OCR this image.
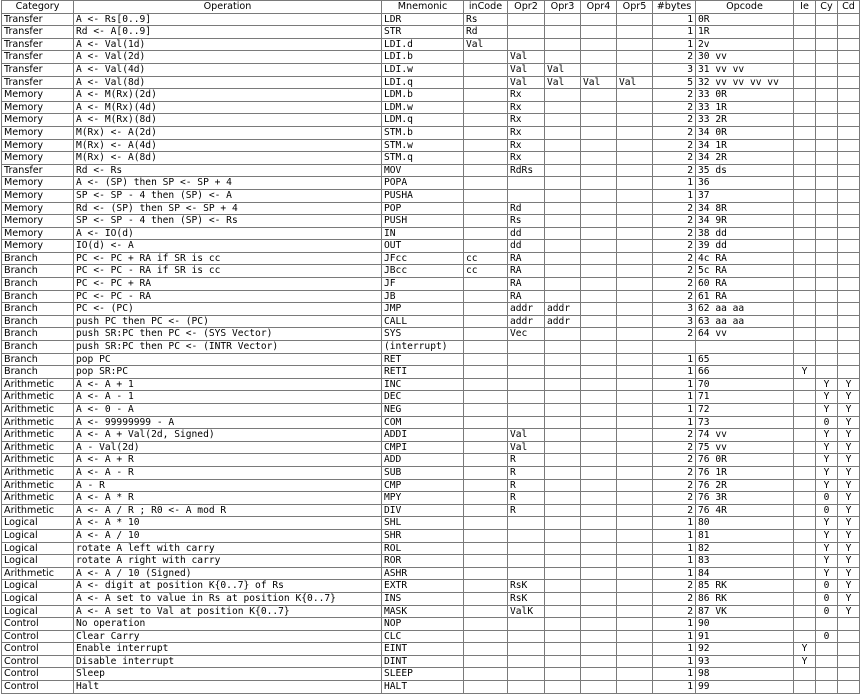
Category	Operation	Mnemonic	inCode	Opr2	Opr3	Opr4	Opr5	#bytes	Opcode	Ie	Cy	Cd
Transfer	A <- Rs[0..9]	LDR	Rs					1	0R			
Transfer	Rd <- A[0..9]	STR	Rd					1	1R			
Transfer	A <- Val(1d)	LDI.d	Val					1	2v			
Transfer	A <- Val(2d)	LDI.b		Val				2	30 vv			
Transfer	A <- Val(4d)	LDI.w		Val	Val			3	31 vv vv			
Transfer	A <- Val(8d)	LDI.q		Val	Val	Val	Val	5	32 vv vv vv vv			
Memory	A <- M(Rx)(2d)	LDM.b		Rx				2	33 0R			
Memory	A <- M(Rx)(4d)	LDM.w		Rx				2	33 1R			
Memory	A <- M(Rx)(8d)	LDM.q		Rx				2	33 2R			
Memory	M(Rx) <- A(2d)	STM.b		Rx				2	34 0R			
Memory	M(Rx) <- A(4d)	STM.w		Rx				2	34 1R			
Memory	M(Rx) <- A(8d)	STM.q		Rx				2	34 2R			
Transfer	Rd <- Rs	MOV		RdRs				2	35 ds			
Memory	A <- (SP) then SP <- SP + 4	POPA						1	36			
Memory	SP <- SP - 4 then (SP) <- A	PUSHA						1	37			
Memory	Rd <- (SP) then SP <- SP + 4	POP		Rd				2	34 8R			
Memory	SP <- SP - 4 then (SP) <- Rs	PUSH		Rs				2	34 9R			
Memory	A <- IO(d)	IN		dd				2	38 dd			
Memory	IO(d) <- A	OUT		dd				2	39 dd			
Branch	PC <- PC + RA if SR is cc	JFcc	cc	RA				2	4c RA			
Branch	PC <- PC - RA if SR is cc	JBcc	cc	RA				2	5c RA			
Branch	PC <- PC + RA	JF		RA				2	60 RA			
Branch	PC <- PC - RA	JB		RA				2	61 RA			
Branch	PC <- (PC)	JMP		addr	addr			3	62 aa aa			
Branch	push PC then PC <- (PC)	CALL		addr	addr			3	63 aa aa			
Branch	push SR:PC then PC <- (SYS Vector)	SYS		Vec				2	64 vv			
Branch	push SR:PC then PC <- (INTR Vector)	(interrupt)										
Branch	pop PC	RET						1	65			
Branch	pop SR:PC	RETI						1	66	Y		
Arithmetic	A <- A + 1	INC						1	70		Y	Y
Arithmetic	A <- A - 1	DEC						1	71		Y	Y
Arithmetic	A <- 0 - A	NEG						1	72		Y	Y
Arithmetic	A <- 99999999 - A	COM						1	73		0	Y
Arithmetic	A <- A + Val(2d, Signed)	ADDI		Val				2	74 vv		Y	Y
Arithmetic	A - Val(2d)	CMPI		Val				2	75 vv		Y	Y
Arithmetic	A <- A + R	ADD		R				2	76 0R		Y	Y
Arithmetic	A <- A - R	SUB		R				2	76 1R		Y	Y
Arithmetic	A - R	CMP		R				2	76 2R		Y	Y
Arithmetic	A <- A * R	MPY		R				2	76 3R		0	Y
Arithmetic	A <- A / R ; R0 <- A mod R	DIV		R				2	76 4R		0	Y
Logical	A <- A * 10	SHL						1	80		Y	Y
Logical	A <- A / 10	SHR						1	81		Y	Y
Logical	rotate A left with carry	ROL						1	82		Y	Y
Logical	rotate A right with carry	ROR						1	83		Y	Y
Arithmetic	A <- A / 10 (Signed)	ASHR						1	84		Y	Y
Logical	A <- digit at position K{0..7} of Rs	EXTR		RsK				2	85 RK		0	Y
Logical	A <- A set to value in Rs at position K{0..7}	INS		RsK				2	86 RK		0	Y
Logical	A <- A set to Val at position K{0..7}	MASK		ValK				2	87 VK		0	Y
Control	No operation	NOP						1	90			
Control	Clear Carry	CLC						1	91		0	
Control	Enable interrupt	EINT						1	92	Y		
Control	Disable interrupt	DINT						1	93	Y		
Control	Sleep	SLEEP						1	98			
Control	Halt	HALT						1	99			
